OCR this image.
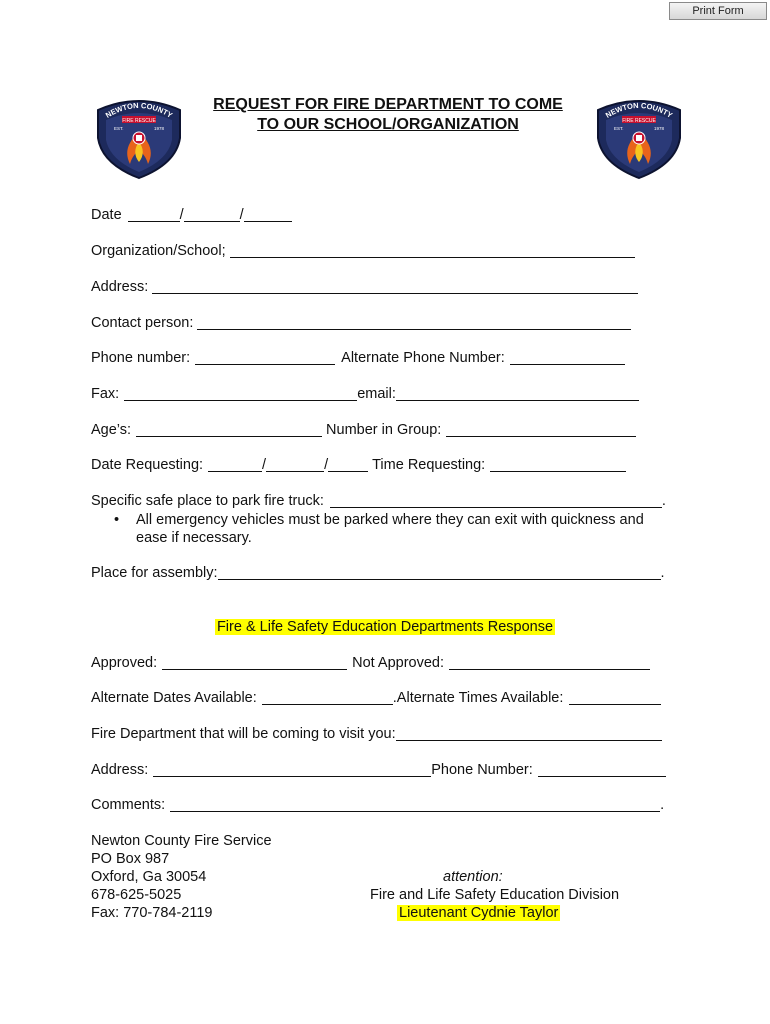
Print Form
NEWTON COUNTY
FIRE RESCUE
EST.	1978
NEWTON COUNTY
FIRE RESCUE
EST.	1978
REQUEST FOR FIRE DEPARTMENT TO COME
TO OUR SCHOOL/ORGANIZATION
Date	/	/
Organization/School;
Address:
Contact person:
Phone number:	Alternate Phone Number:
Fax:	email:
Age’s:	Number in Group:
Date Requesting:	/	/	Time Requesting:
Specific safe place to park fire truck:	.
• All emergency vehicles must be parked where they can exit with quickness and
ease if necessary.
Place for assembly:	.
Fire & Life Safety Education Departments Response
Approved:	Not Approved:
Alternate Dates Available:	.Alternate Times Available:
Fire Department that will be coming to visit you:
Address:	Phone Number:
Comments:	.
Newton County Fire Service
PO Box 987
Oxford, Ga 30054
678-625-5025
Fax: 770-784-2119
attention:
Fire and Life Safety Education Division
Lieutenant Cydnie Taylor
